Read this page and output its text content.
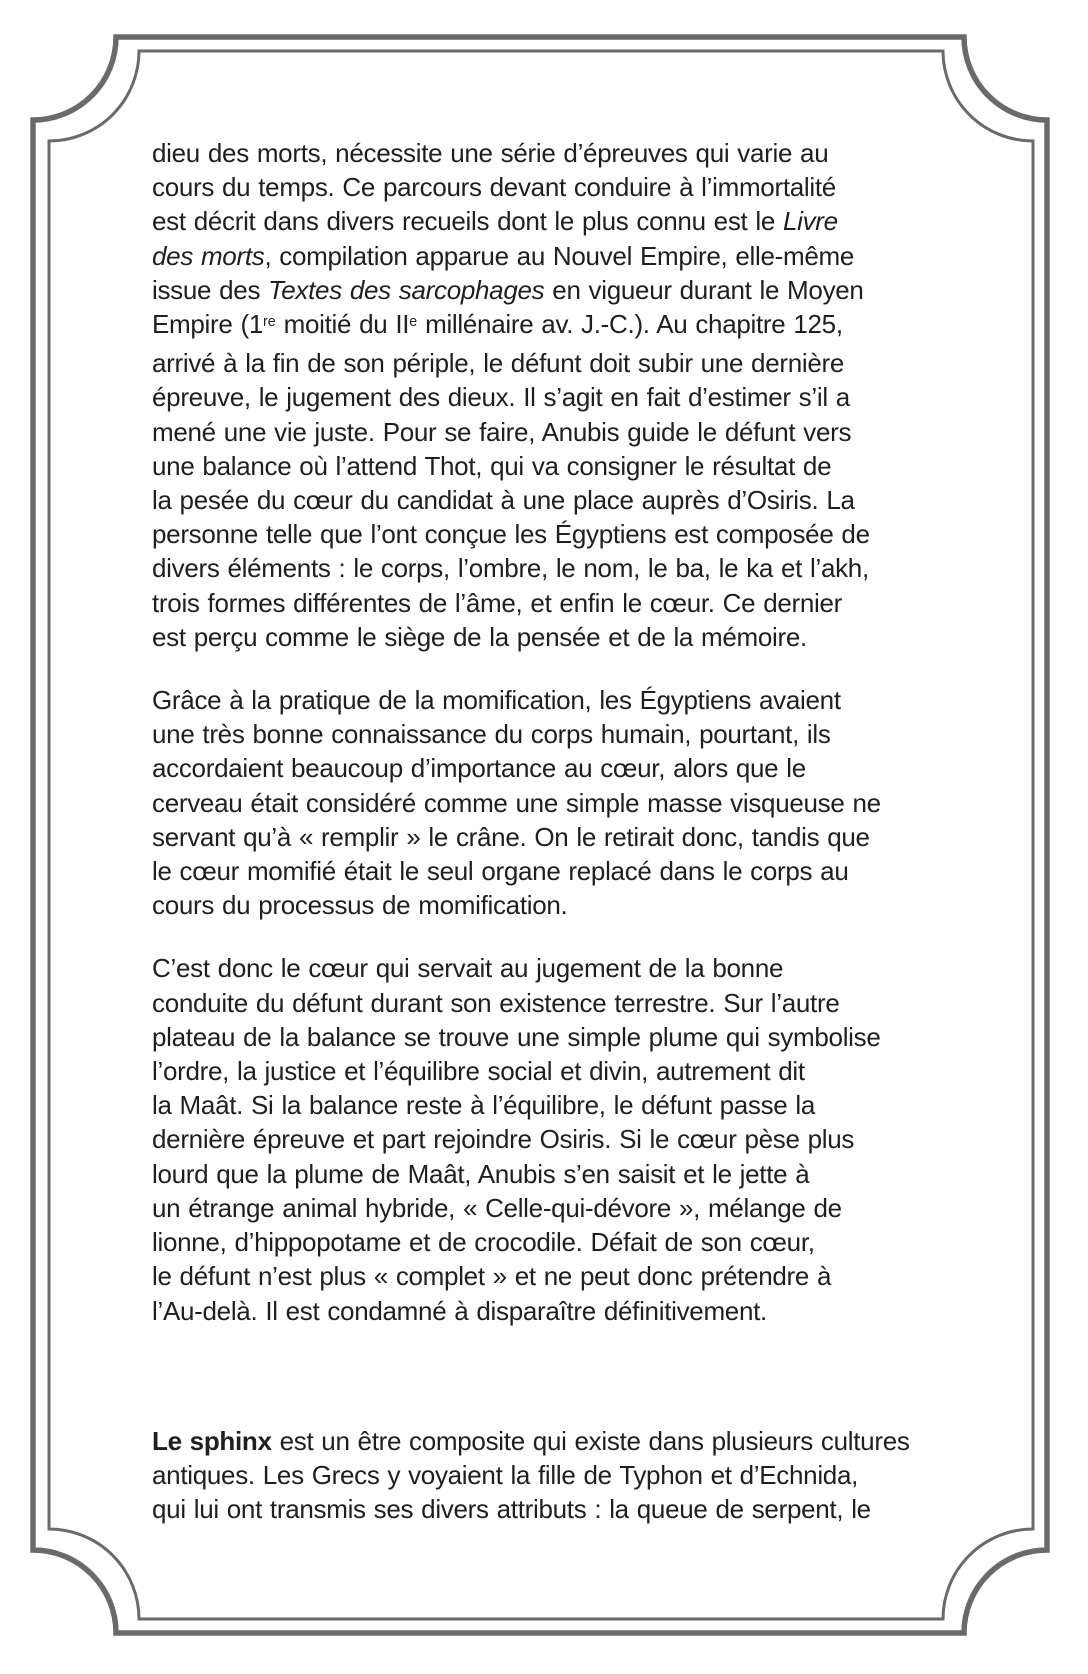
dieu des morts, nécessite une série d’épreuves qui varie au
cours du temps. Ce parcours devant conduire à l’immortalité
est décrit dans divers recueils dont le plus connu est le Livre
des morts, compilation apparue au Nouvel Empire, elle-même
issue des Textes des sarcophages en vigueur durant le Moyen
Empire (1re moitié du IIe millénaire av. J.-C.). Au chapitre 125,
arrivé à la fin de son périple, le défunt doit subir une dernière
épreuve, le jugement des dieux. Il s’agit en fait d’estimer s’il a
mené une vie juste. Pour se faire, Anubis guide le défunt vers
une balance où l’attend Thot, qui va consigner le résultat de
la pesée du cœur du candidat à une place auprès d’Osiris. La
personne telle que l’ont conçue les Égyptiens est composée de
divers éléments : le corps, l’ombre, le nom, le ba, le ka et l’akh,
trois formes différentes de l’âme, et enfin le cœur. Ce dernier
est perçu comme le siège de la pensée et de la mémoire.
Grâce à la pratique de la momification, les Égyptiens avaient
une très bonne connaissance du corps humain, pourtant, ils
accordaient beaucoup d’importance au cœur, alors que le
cerveau était considéré comme une simple masse visqueuse ne
servant qu’à « remplir » le crâne. On le retirait donc, tandis que
le cœur momifié était le seul organe replacé dans le corps au
cours du processus de momification.
C’est donc le cœur qui servait au jugement de la bonne
conduite du défunt durant son existence terrestre. Sur l’autre
plateau de la balance se trouve une simple plume qui symbolise
l’ordre, la justice et l’équilibre social et divin, autrement dit
la Maât. Si la balance reste à l’équilibre, le défunt passe la
dernière épreuve et part rejoindre Osiris. Si le cœur pèse plus
lourd que la plume de Maât, Anubis s’en saisit et le jette à
un étrange animal hybride, « Celle-qui-dévore », mélange de
lionne, d’hippopotame et de crocodile. Défait de son cœur,
le défunt n’est plus « complet » et ne peut donc prétendre à
l’Au-delà. Il est condamné à disparaître définitivement.
Le sphinx est un être composite qui existe dans plusieurs cultures
antiques. Les Grecs y voyaient la fille de Typhon et d’Echnida,
qui lui ont transmis ses divers attributs : la queue de serpent, le
